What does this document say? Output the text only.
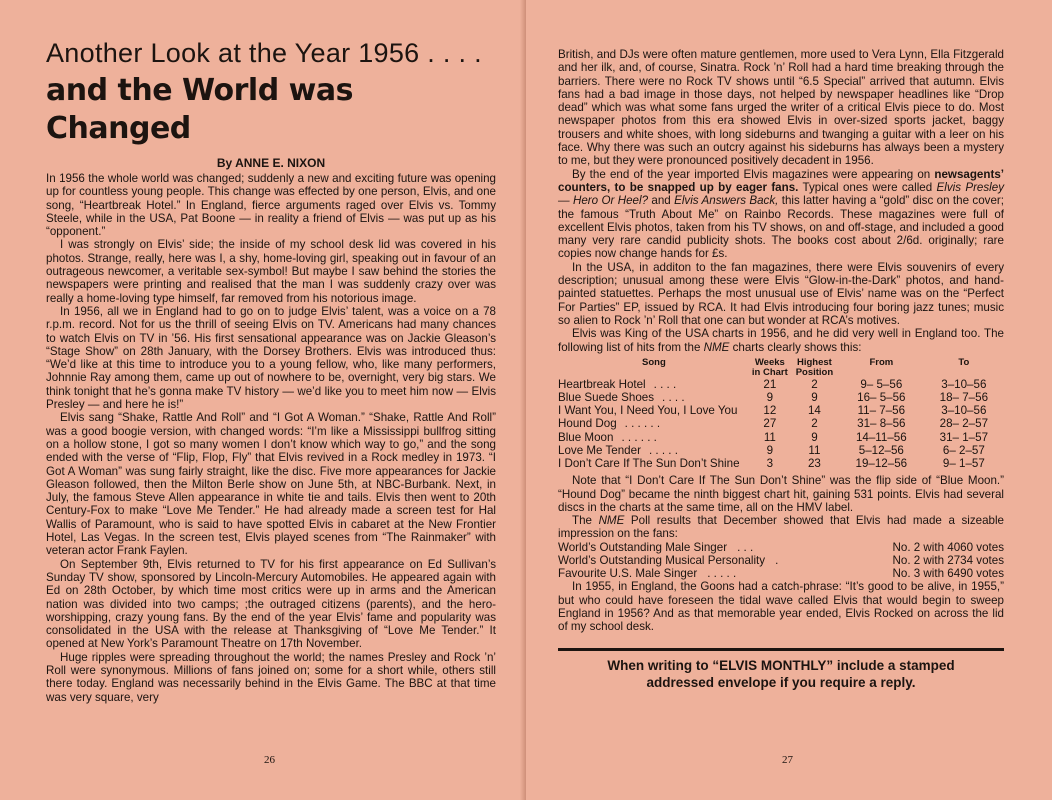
Another Look at the Year 1956 . . . .
and the World was Changed
By ANNE E. NIXON

In 1956 the whole world was changed; suddenly a new and exciting future was opening up for countless young people. This change was effected by one person, Elvis, and one song, “Heartbreak Hotel.” In England, fierce arguments raged over Elvis vs. Tommy Steele, while in the USA, Pat Boone — in reality a friend of Elvis — was put up as his “opponent.”

I was strongly on Elvis’ side; the inside of my school desk lid was covered in his photos. Strange, really, here was I, a shy, home-loving girl, speaking out in favour of an outrageous newcomer, a veritable sex-symbol! But maybe I saw behind the stories the newspapers were printing and realised that the man I was suddenly crazy over was really a home-loving type himself, far removed from his notorious image.

In 1956, all we in England had to go on to judge Elvis’ talent, was a voice on a 78 r.p.m. record. Not for us the thrill of seeing Elvis on TV. Americans had many chances to watch Elvis on TV in ’56. His first sensational appearance was on Jackie Gleason’s “Stage Show” on 28th January, with the Dorsey Brothers. Elvis was introduced thus: “We’d like at this time to introduce you to a young fellow, who, like many performers, Johnnie Ray among them, came up out of nowhere to be, overnight, very big stars. We think tonight that he’s gonna make TV history — we’d like you to meet him now — Elvis Presley — and here he is!”

Elvis sang “Shake, Rattle And Roll” and “I Got A Woman.” “Shake, Rattle And Roll” was a good boogie version, with changed words: “I’m like a Mississippi bullfrog sitting on a hollow stone, I got so many women I don’t know which way to go,” and the song ended with the verse of “Flip, Flop, Fly” that Elvis revived in a Rock medley in 1973. “I Got A Woman” was sung fairly straight, like the disc. Five more appearances for Jackie Gleason followed, then the Milton Berle show on June 5th, at NBC-Burbank. Next, in July, the famous Steve Allen appearance in white tie and tails. Elvis then went to 20th Century-Fox to make “Love Me Tender.” He had already made a screen test for Hal Wallis of Paramount, who is said to have spotted Elvis in cabaret at the New Frontier Hotel, Las Vegas. In the screen test, Elvis played scenes from “The Rainmaker” with veteran actor Frank Faylen.

On September 9th, Elvis returned to TV for his first appearance on Ed Sullivan’s Sunday TV show, sponsored by Lincoln-Mercury Automobiles. He appeared again with Ed on 28th October, by which time most critics were up in arms and the American nation was divided into two camps; ;the outraged citizens (parents), and the hero-worshipping, crazy young fans. By the end of the year Elvis’ fame and popularity was consolidated in the USA with the release at Thanksgiving of “Love Me Tender.” It opened at New York’s Paramount Theatre on 17th November.

Huge ripples were spreading throughout the world; the names Presley and Rock ’n’ Roll were synonymous. Millions of fans joined on; some for a short while, others still there today. England was necessarily behind in the Elvis Game. The BBC at that time was very square, very

26

British, and DJs were often mature gentlemen, more used to Vera Lynn, Ella Fitzgerald and her ilk, and, of course, Sinatra. Rock ’n’ Roll had a hard time breaking through the barriers. There were no Rock TV shows until “6.5 Special” arrived that autumn. Elvis fans had a bad image in those days, not helped by newspaper headlines like “Drop dead” which was what some fans urged the writer of a critical Elvis piece to do. Most newspaper photos from this era showed Elvis in over-sized sports jacket, baggy trousers and white shoes, with long sideburns and twanging a guitar with a leer on his face. Why there was such an outcry against his sideburns has always been a mystery to me, but they were pronounced positively decadent in 1956.

By the end of the year imported Elvis magazines were appearing on newsagents’ counters, to be snapped up by eager fans. Typical ones were called Elvis Presley — Hero Or Heel? and Elvis Answers Back, this latter having a “gold” disc on the cover; the famous “Truth About Me” on Rainbo Records. These magazines were full of excellent Elvis photos, taken from his TV shows, on and off-stage, and included a good many very rare candid publicity shots. The books cost about 2/6d. originally; rare copies now change hands for £s.

In the USA, in additon to the fan magazines, there were Elvis souvenirs of every description; unusual among these were Elvis “Glow-in-the-Dark” photos, and hand-painted statuettes. Perhaps the most unusual use of Elvis’ name was on the “Perfect For Parties” EP, issued by RCA. It had Elvis introducing four boring jazz tunes; music so alien to Rock ’n’ Roll that one can but wonder at RCA’s motives.

Elvis was King of the USA charts in 1956, and he did very well in England too. The following list of hits from the NME charts clearly shows this:

Song	Weeks in Chart	Highest Position	From	To
Heartbreak Hotel . . . .	21	2	9– 5–56	3–10–56
Blue Suede Shoes . . . .	9	9	16– 5–56	18– 7–56
I Want You, I Need You, I Love You	12	14	11– 7–56	3–10–56
Hound Dog . . . . . .	27	2	31– 8–56	28– 2–57
Blue Moon . . . . . .	11	9	14–11–56	31– 1–57
Love Me Tender . . . . .	9	11	5–12–56	6– 2–57
I Don’t Care If The Sun Don’t Shine	3	23	19–12–56	9– 1–57

Note that “I Don’t Care If The Sun Don’t Shine” was the flip side of “Blue Moon.” “Hound Dog” became the ninth biggest chart hit, gaining 531 points. Elvis had several discs in the charts at the same time, all on the HMV label.

The NME Poll results that December showed that Elvis had made a sizeable impression on the fans:

World’s Outstanding Male Singer . . .	No. 2 with 4060 votes
World’s Outstanding Musical Personality .	No. 2 with 2734 votes
Favourite U.S. Male Singer . . . . .	No. 3 with 6490 votes

In 1955, in England, the Goons had a catch-phrase: “It’s good to be alive, in 1955,” but who could have foreseen the tidal wave called Elvis that would begin to sweep England in 1956? And as that memorable year ended, Elvis Rocked on across the lid of my school desk.

When writing to “ELVIS MONTHLY” include a stamped
addressed envelope if you require a reply.
27
